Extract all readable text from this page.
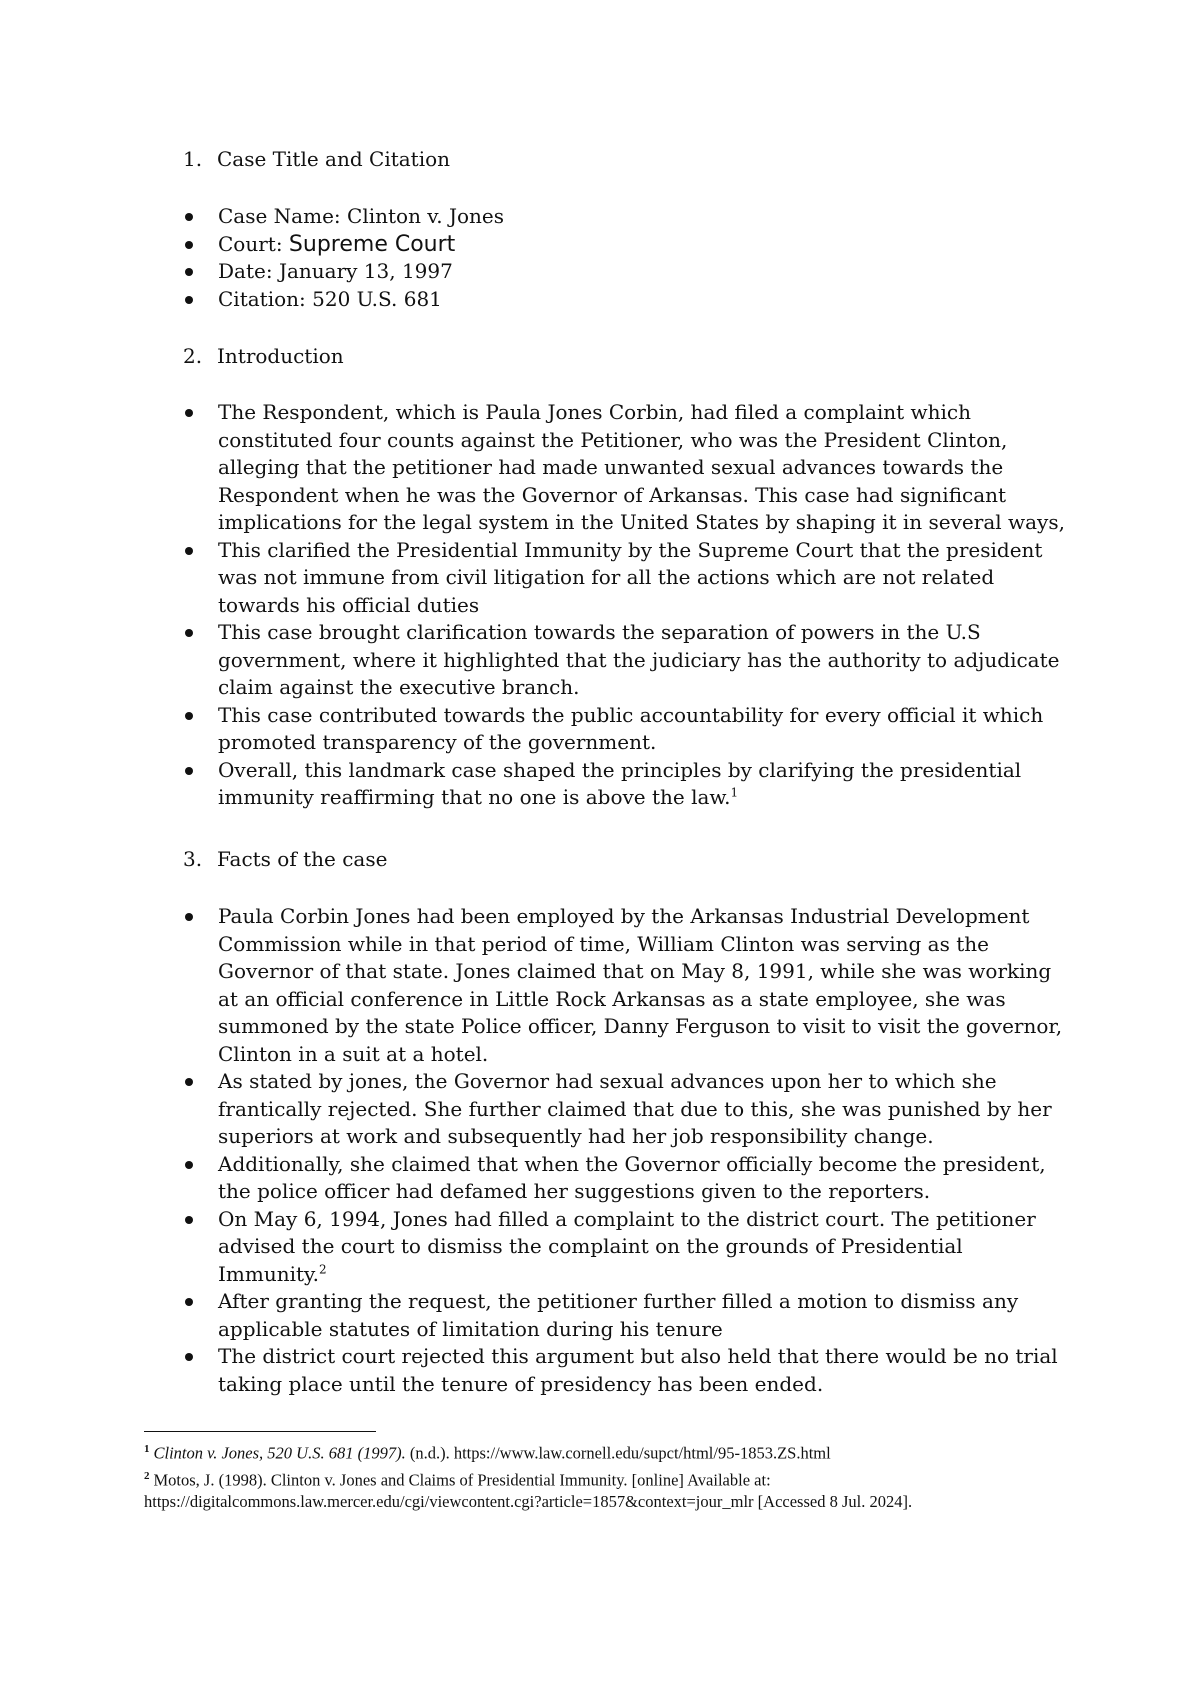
1. Case Title and Citation
Case Name: Clinton v. Jones
Court: Supreme Court
Date: January 13, 1997
Citation: 520 U.S. 681
2. Introduction
The Respondent, which is Paula Jones Corbin, had filed a complaint which constituted four counts against the Petitioner, who was the President Clinton, alleging that the petitioner had made unwanted sexual advances towards the Respondent when he was the Governor of Arkansas. This case had significant implications for the legal system in the United States by shaping it in several ways,
This clarified the Presidential Immunity by the Supreme Court that the president was not immune from civil litigation for all the actions which are not related towards his official duties
This case brought clarification towards the separation of powers in the U.S government, where it highlighted that the judiciary has the authority to adjudicate claim against the executive branch.
This case contributed towards the public accountability for every official it which promoted transparency of the government.
Overall, this landmark case shaped the principles by clarifying the presidential immunity reaffirming that no one is above the law.$^1$
3. Facts of the case
Paula Corbin Jones had been employed by the Arkansas Industrial Development Commission while in that period of time, William Clinton was serving as the Governor of that state. Jones claimed that on May 8, 1991, while she was working at an official conference in Little Rock Arkansas as a state employee, she was summoned by the state Police officer, Danny Ferguson to visit to visit the governor, Clinton in a suit at a hotel.
As stated by jones, the Governor had sexual advances upon her to which she frantically rejected. She further claimed that due to this, she was punished by her superiors at work and subsequently had her job responsibility change.
Additionally, she claimed that when the Governor officially become the president, the police officer had defamed her suggestions given to the reporters.
On May 6, 1994, Jones had filled a complaint to the district court. The petitioner advised the court to dismiss the complaint on the grounds of Presidential Immunity.$^2$
After granting the request, the petitioner further filled a motion to dismiss any applicable statutes of limitation during his tenure
The district court rejected this argument but also held that there would be no trial taking place until the tenure of presidency has been ended.

$^1$ Clinton v. Jones, 520 U.S. 681 (1997). (n.d.). https://www.law.cornell.edu/supct/html/95-1853.ZS.html

$^2$ Motos, J. (1998). Clinton v. Jones and Claims of Presidential Immunity. [online] Available at: https://digitalcommons.law.mercer.edu/cgi/viewcontent.cgi?article=1857&context=jour_mlr [Accessed 8 Jul. 2024].
